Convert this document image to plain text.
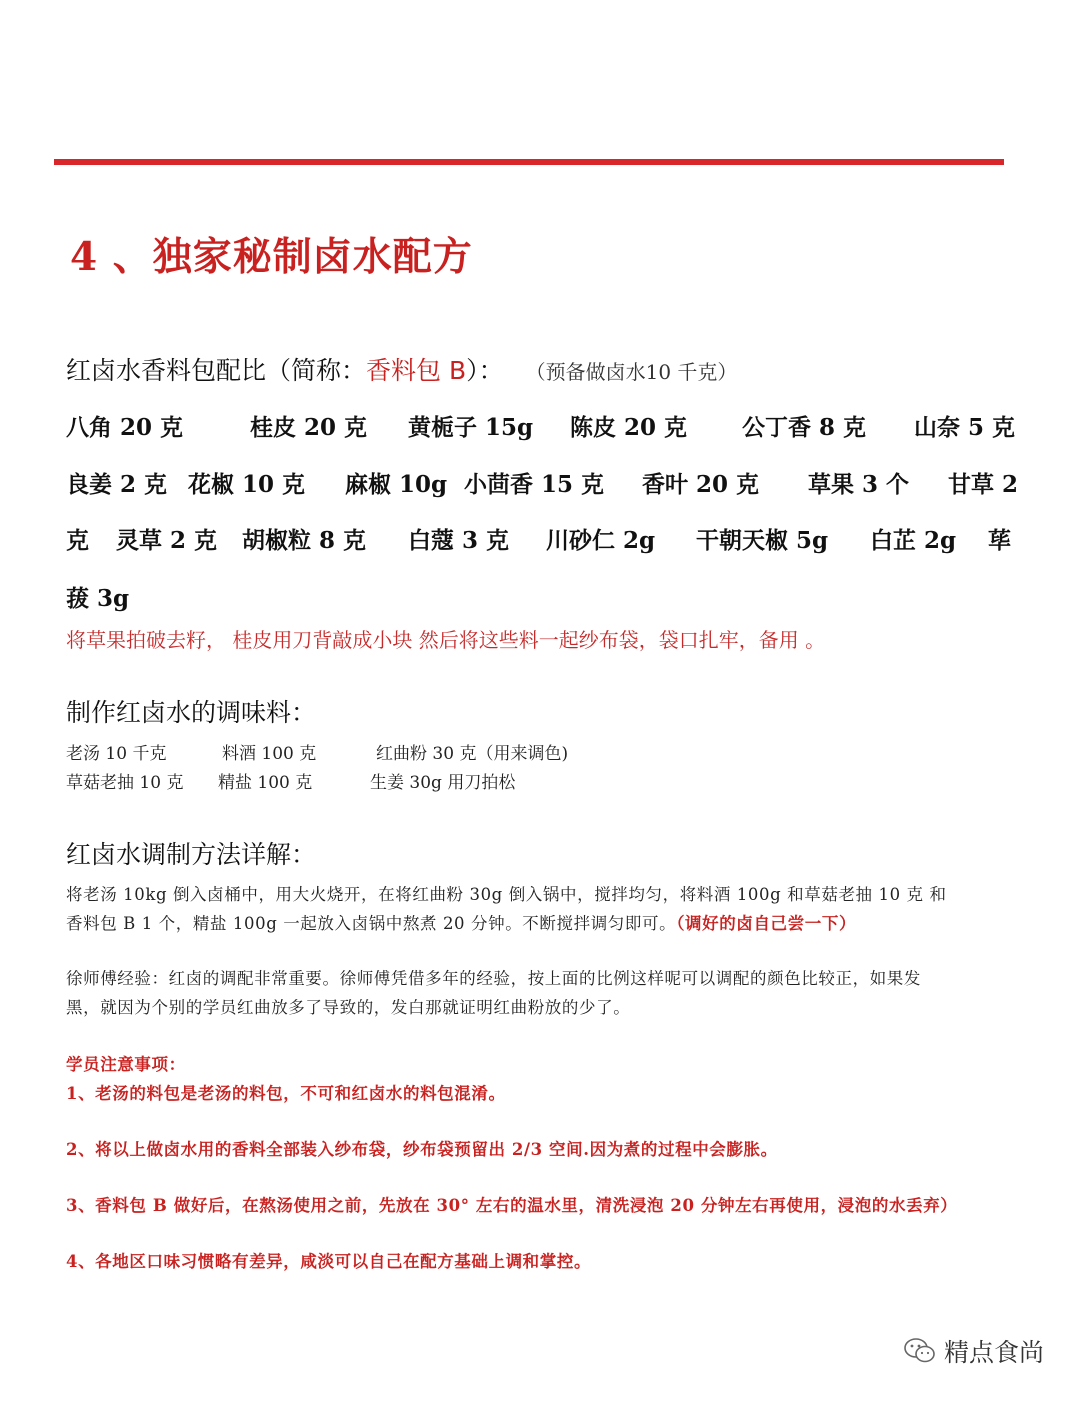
4 、独家秘制卤水配方
红卤水香料包配比（简称：香料包 B）： （预备做卤水10 千克）
八角 20 克	桂皮 20 克 黄栀子 15g 陈皮 20 克 公丁香 8 克 山奈 5 克
良姜 2 克 花椒 10 克 麻椒 10g 小茴香 15 克 香叶 20 克 草果 3 个 甘草 2
克 灵草 2 克 胡椒粒 8 克 白蔻 3 克 川砂仁 2g 干朝天椒 5g 白芷 2g 荜
菝 3g
将草果拍破去籽， 桂皮用刀背敲成小块 然后将这些料一起纱布袋，袋口扎牢，备用 。
制作红卤水的调味料：
老汤 10 千克	料酒 100 克	红曲粉 30 克（用来调色)
草菇老抽 10 克 精盐 100 克	生姜 30g 用刀拍松
红卤水调制方法详解：
将老汤 10kg 倒入卤桶中，用大火烧开，在将红曲粉 30g 倒入锅中，搅拌均匀，将料酒 100g 和草菇老抽 10 克 和
香料包 B 1 个，精盐 100g 一起放入卤锅中熬煮 20 分钟。不断搅拌调匀即可。（调好的卤自己尝一下）
徐师傅经验：红卤的调配非常重要。徐师傅凭借多年的经验，按上面的比例这样呢可以调配的颜色比较正，如果发
黑，就因为个别的学员红曲放多了导致的，发白那就证明红曲粉放的少了。
学员注意事项：
1、老汤的料包是老汤的料包，不可和红卤水的料包混淆。
2、将以上做卤水用的香料全部装入纱布袋，纱布袋预留出 2/3 空间.因为煮的过程中会膨胀。
3、香料包 B 做好后，在熬汤使用之前，先放在 30° 左右的温水里，清洗浸泡 20 分钟左右再使用，浸泡的水丢弃）
4、各地区口味习惯略有差异，咸淡可以自己在配方基础上调和掌控。
精点食尚
